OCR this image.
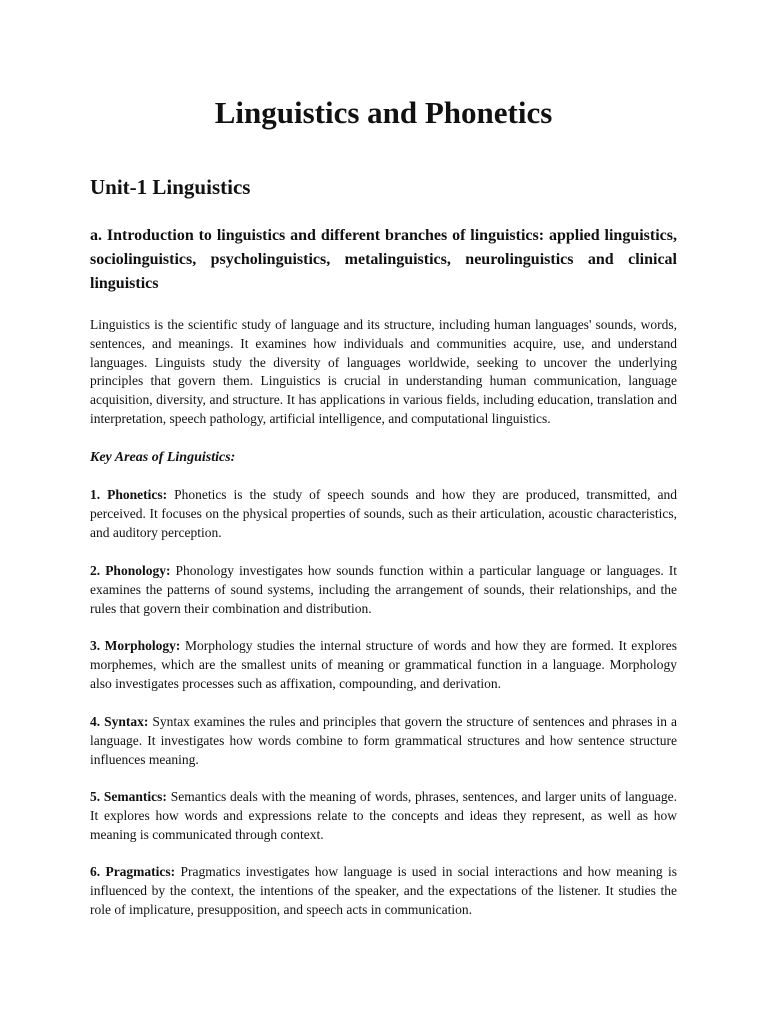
Linguistics and Phonetics
Unit-1 Linguistics

a. Introduction to linguistics and different branches of linguistics: applied linguistics, sociolinguistics, psycholinguistics, metalinguistics, neurolinguistics and clinical linguistics

Linguistics is the scientific study of language and its structure, including human languages' sounds, words, sentences, and meanings. It examines how individuals and communities acquire, use, and understand languages. Linguists study the diversity of languages worldwide, seeking to uncover the underlying principles that govern them. Linguistics is crucial in understanding human communication, language acquisition, diversity, and structure. It has applications in various fields, including education, translation and interpretation, speech pathology, artificial intelligence, and computational linguistics.

Key Areas of Linguistics:

1. Phonetics: Phonetics is the study of speech sounds and how they are produced, transmitted, and perceived. It focuses on the physical properties of sounds, such as their articulation, acoustic characteristics, and auditory perception.

2. Phonology: Phonology investigates how sounds function within a particular language or languages. It examines the patterns of sound systems, including the arrangement of sounds, their relationships, and the rules that govern their combination and distribution.

3. Morphology: Morphology studies the internal structure of words and how they are formed. It explores morphemes, which are the smallest units of meaning or grammatical function in a language. Morphology also investigates processes such as affixation, compounding, and derivation.

4. Syntax: Syntax examines the rules and principles that govern the structure of sentences and phrases in a language. It investigates how words combine to form grammatical structures and how sentence structure influences meaning.

5. Semantics: Semantics deals with the meaning of words, phrases, sentences, and larger units of language. It explores how words and expressions relate to the concepts and ideas they represent, as well as how meaning is communicated through context.

6. Pragmatics: Pragmatics investigates how language is used in social interactions and how meaning is influenced by the context, the intentions of the speaker, and the expectations of the listener. It studies the role of implicature, presupposition, and speech acts in communication.
